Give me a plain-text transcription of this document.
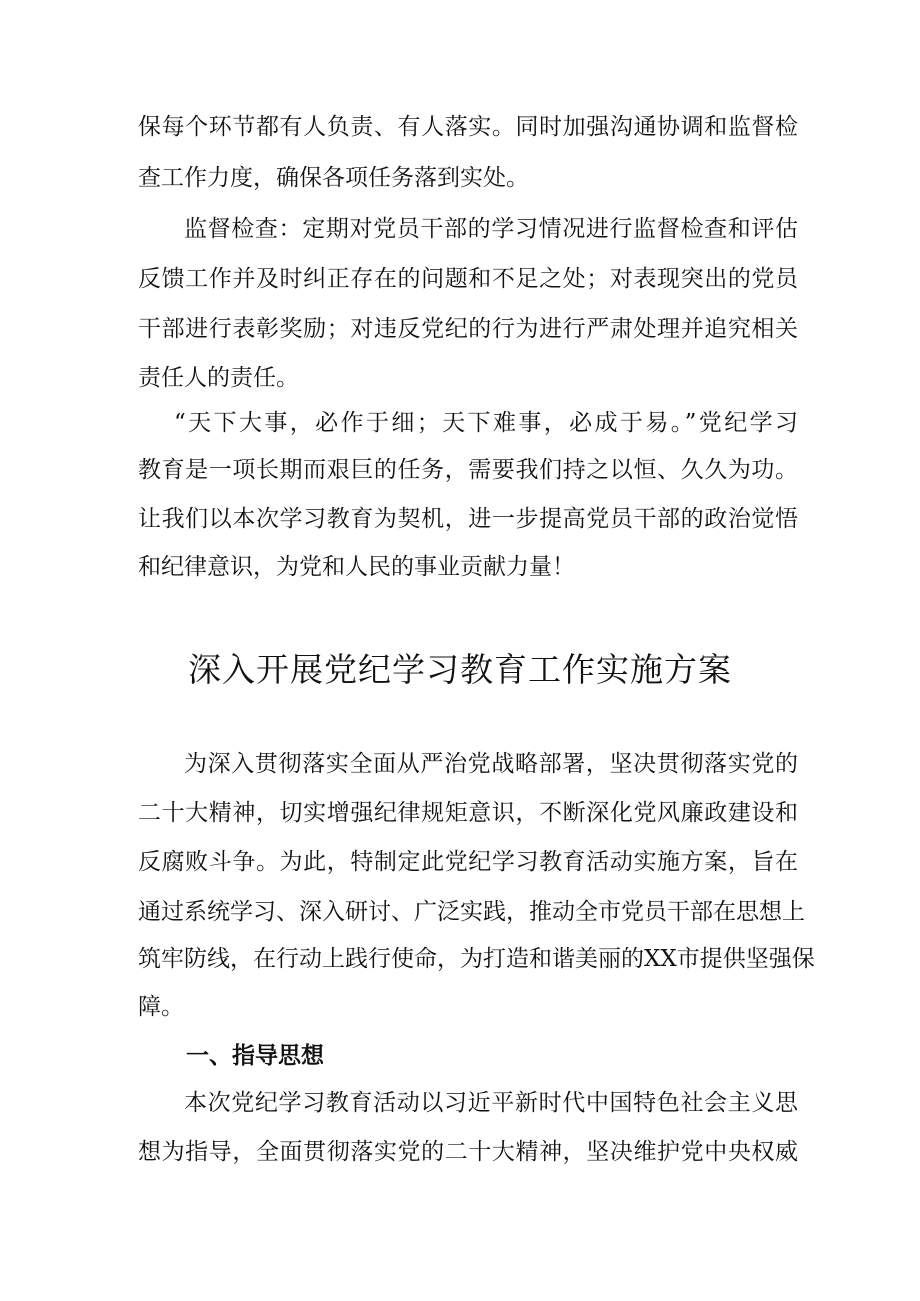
保每个环节都有人负责、有人落实。同时加强沟通协调和监督检
查工作力度，确保各项任务落到实处。
监督检查：定期对党员干部的学习情况进行监督检查和评估
反馈工作并及时纠正存在的问题和不足之处；对表现突出的党员
干部进行表彰奖励；对违反党纪的行为进行严肃处理并追究相关
责任人的责任。
“天下大事，必作于细；天下难事，必成于易。”党纪学习
教育是一项长期而艰巨的任务，需要我们持之以恒、久久为功。
让我们以本次学习教育为契机，进一步提高党员干部的政治觉悟
和纪律意识，为党和人民的事业贡献力量！
深入开展党纪学习教育工作实施方案
为深入贯彻落实全面从严治党战略部署，坚决贯彻落实党的
二十大精神，切实增强纪律规矩意识，不断深化党风廉政建设和
反腐败斗争。为此，特制定此党纪学习教育活动实施方案，旨在
通过系统学习、深入研讨、广泛实践，推动全市党员干部在思想上
筑牢防线，在行动上践行使命，为打造和谐美丽的XX市提供坚强保
障。
一、指导思想
本次党纪学习教育活动以习近平新时代中国特色社会主义思
想为指导，全面贯彻落实党的二十大精神，坚决维护党中央权威
